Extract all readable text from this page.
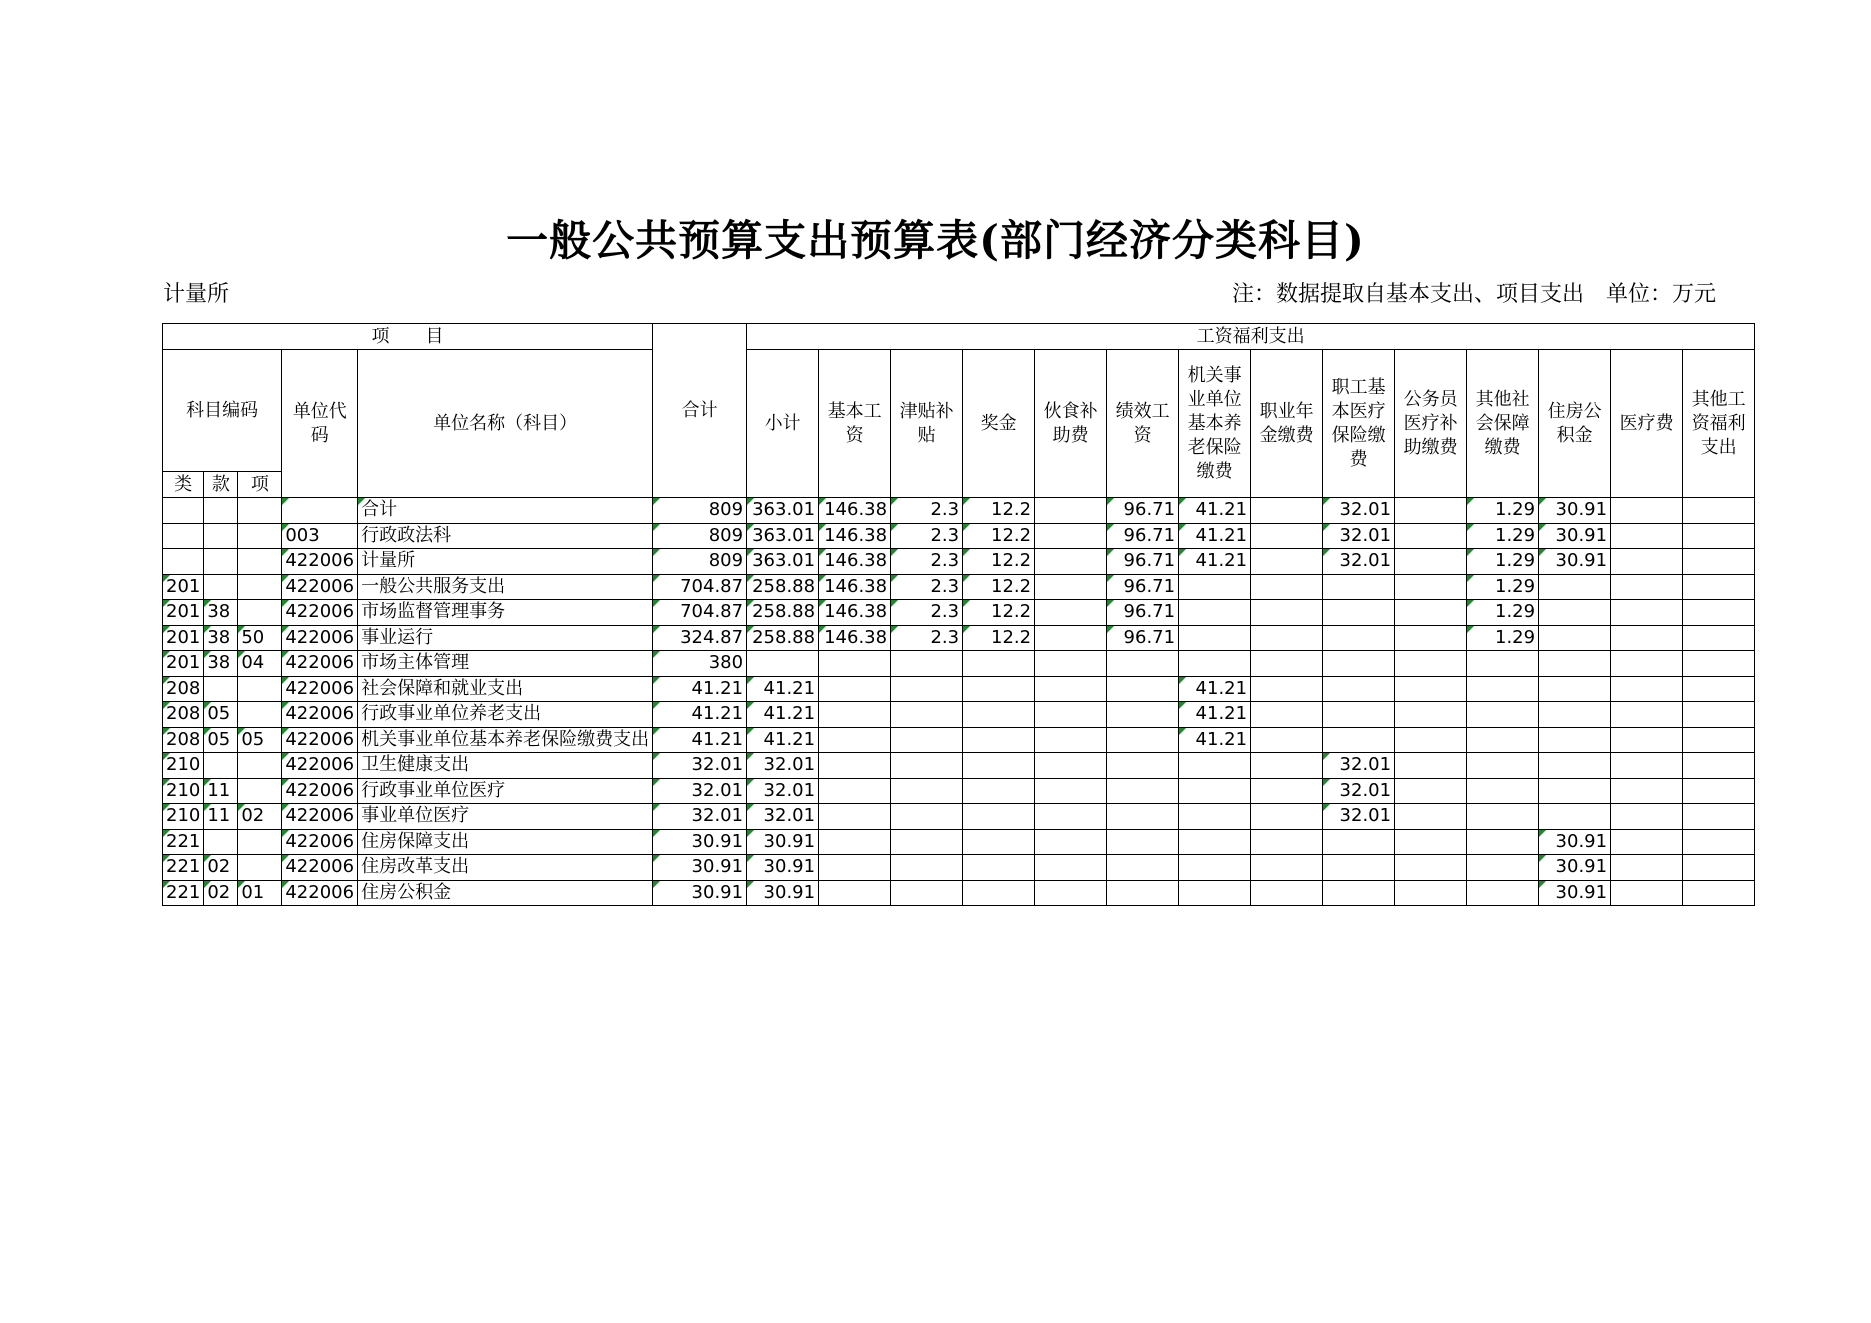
一般公共预算支出预算表(部门经济分类科目)
计量所	注：数据提取自基本支出、项目支出　单位：万元
项　　目					合计	工资福利支出													
科目编码			单位代码	单位名称（科目）		小计	基本工资	津贴补贴	奖金	伙食补助费	绩效工资	机关事业单位基本养老保险缴费	职业年金缴费	职工基本医疗保险缴费	公务员医疗补助缴费	其他社会保障缴费	住房公积金	医疗费	其他工资福利支出
类	款	项																	
				合计	809	363.01	146.38	2.3	12.2		96.71	41.21		32.01		1.29	30.91		
			003	行政政法科	809	363.01	146.38	2.3	12.2		96.71	41.21		32.01		1.29	30.91		
			422006	计量所	809	363.01	146.38	2.3	12.2		96.71	41.21		32.01		1.29	30.91		
201			422006	一般公共服务支出	704.87	258.88	146.38	2.3	12.2		96.71					1.29			
201	38		422006	市场监督管理事务	704.87	258.88	146.38	2.3	12.2		96.71					1.29			
201	38	50	422006	事业运行	324.87	258.88	146.38	2.3	12.2		96.71					1.29			
201	38	04	422006	市场主体管理	380														
208			422006	社会保障和就业支出	41.21	41.21						41.21							
208	05		422006	行政事业单位养老支出	41.21	41.21						41.21							
208	05	05	422006	机关事业单位基本养老保险缴费支出	41.21	41.21						41.21							
210			422006	卫生健康支出	32.01	32.01								32.01					
210	11		422006	行政事业单位医疗	32.01	32.01								32.01					
210	11	02	422006	事业单位医疗	32.01	32.01								32.01					
221			422006	住房保障支出	30.91	30.91											30.91		
221	02		422006	住房改革支出	30.91	30.91											30.91		
221	02	01	422006	住房公积金	30.91	30.91											30.91		
